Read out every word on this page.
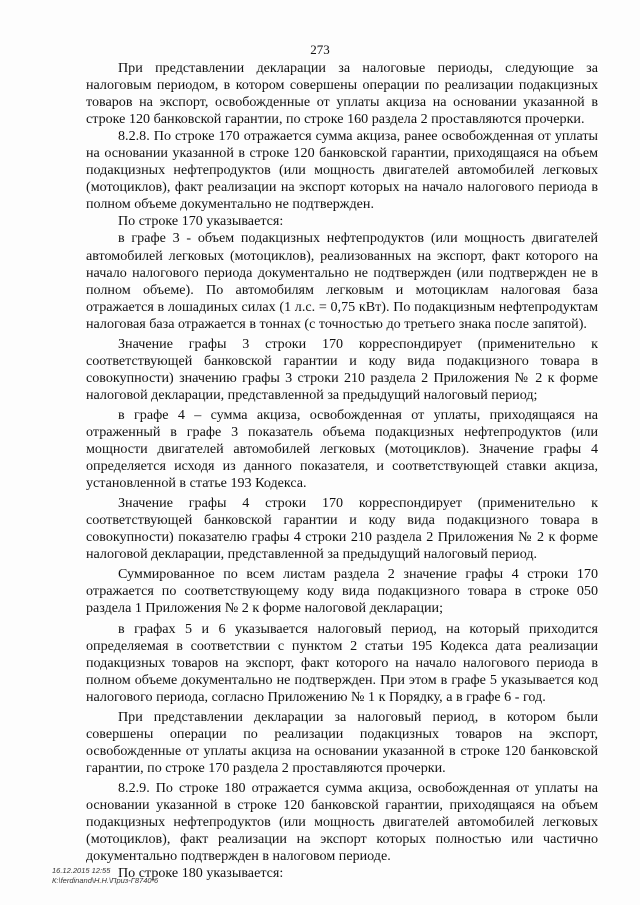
273

При представлении декларации за налоговые периоды, следующие за налоговым периодом, в котором совершены операции по реализации подакцизных товаров на экспорт, освобожденные от уплаты акциза на основании указанной в строке 120 банковской гарантии, по строке 160 раздела 2 проставляются прочерки.

8.2.8. По строке 170 отражается сумма акциза, ранее освобожденная от уплаты на основании указанной в строке 120 банковской гарантии, приходящаяся на объем подакцизных нефтепродуктов (или мощность двигателей автомобилей легковых (мотоциклов), факт реализации на экспорт которых на начало налогового периода в полном объеме документально не подтвержден.

По строке 170 указывается:

в графе 3 - объем подакцизных нефтепродуктов (или мощность двигателей автомобилей легковых (мотоциклов), реализованных на экспорт, факт которого на начало налогового периода документально не подтвержден (или подтвержден не в полном объеме). По автомобилям легковым и мотоциклам налоговая база отражается в лошадиных силах (1 л.с. = 0,75 кВт). По подакцизным нефтепродуктам налоговая база отражается в тоннах (с точностью до третьего знака после запятой).

Значение графы 3 строки 170 корреспондирует (применительно к соответствующей банковской гарантии и коду вида подакцизного товара в совокупности) значению графы 3 строки 210 раздела 2 Приложения № 2 к форме налоговой декларации, представленной за предыдущий налоговый период;

в графе 4 – сумма акциза, освобожденная от уплаты, приходящаяся на отраженный в графе 3 показатель объема подакцизных нефтепродуктов (или мощности двигателей автомобилей легковых (мотоциклов). Значение графы 4 определяется исходя из данного показателя, и соответствующей ставки акциза, установленной в статье 193 Кодекса.

Значение графы 4 строки 170 корреспондирует (применительно к соответствующей банковской гарантии и коду вида подакцизного товара в совокупности) показателю графы 4 строки 210 раздела 2 Приложения № 2 к форме налоговой декларации, представленной за предыдущий налоговый период.

Суммированное по всем листам раздела 2 значение графы 4 строки 170 отражается по соответствующему коду вида подакцизного товара в строке 050 раздела 1 Приложения № 2 к форме налоговой декларации;

в графах 5 и 6 указывается налоговый период, на который приходится определяемая в соответствии с пунктом 2 статьи 195 Кодекса дата реализации подакцизных товаров на экспорт, факт которого на начало налогового периода в полном объеме документально не подтвержден. При этом в графе 5 указывается код налогового периода, согласно Приложению № 1 к Порядку, а в графе 6 - год.

При представлении декларации за налоговый период, в котором были совершены операции по реализации подакцизных товаров на экспорт, освобожденные от уплаты акциза на основании указанной в строке 120 банковской гарантии, по строке 170 раздела 2 проставляются прочерки.

8.2.9. По строке 180 отражается сумма акциза, освобожденная от уплаты на основании указанной в строке 120 банковской гарантии, приходящаяся на объем подакцизных нефтепродуктов (или мощность двигателей автомобилей легковых (мотоциклов), факт реализации на экспорт которых полностью или частично документально подтвержден в налоговом периоде.

По строке 180 указывается:

16.12.2015 12:55
К:\ferdinand\Н.Н.\Приз-Г8740-6
